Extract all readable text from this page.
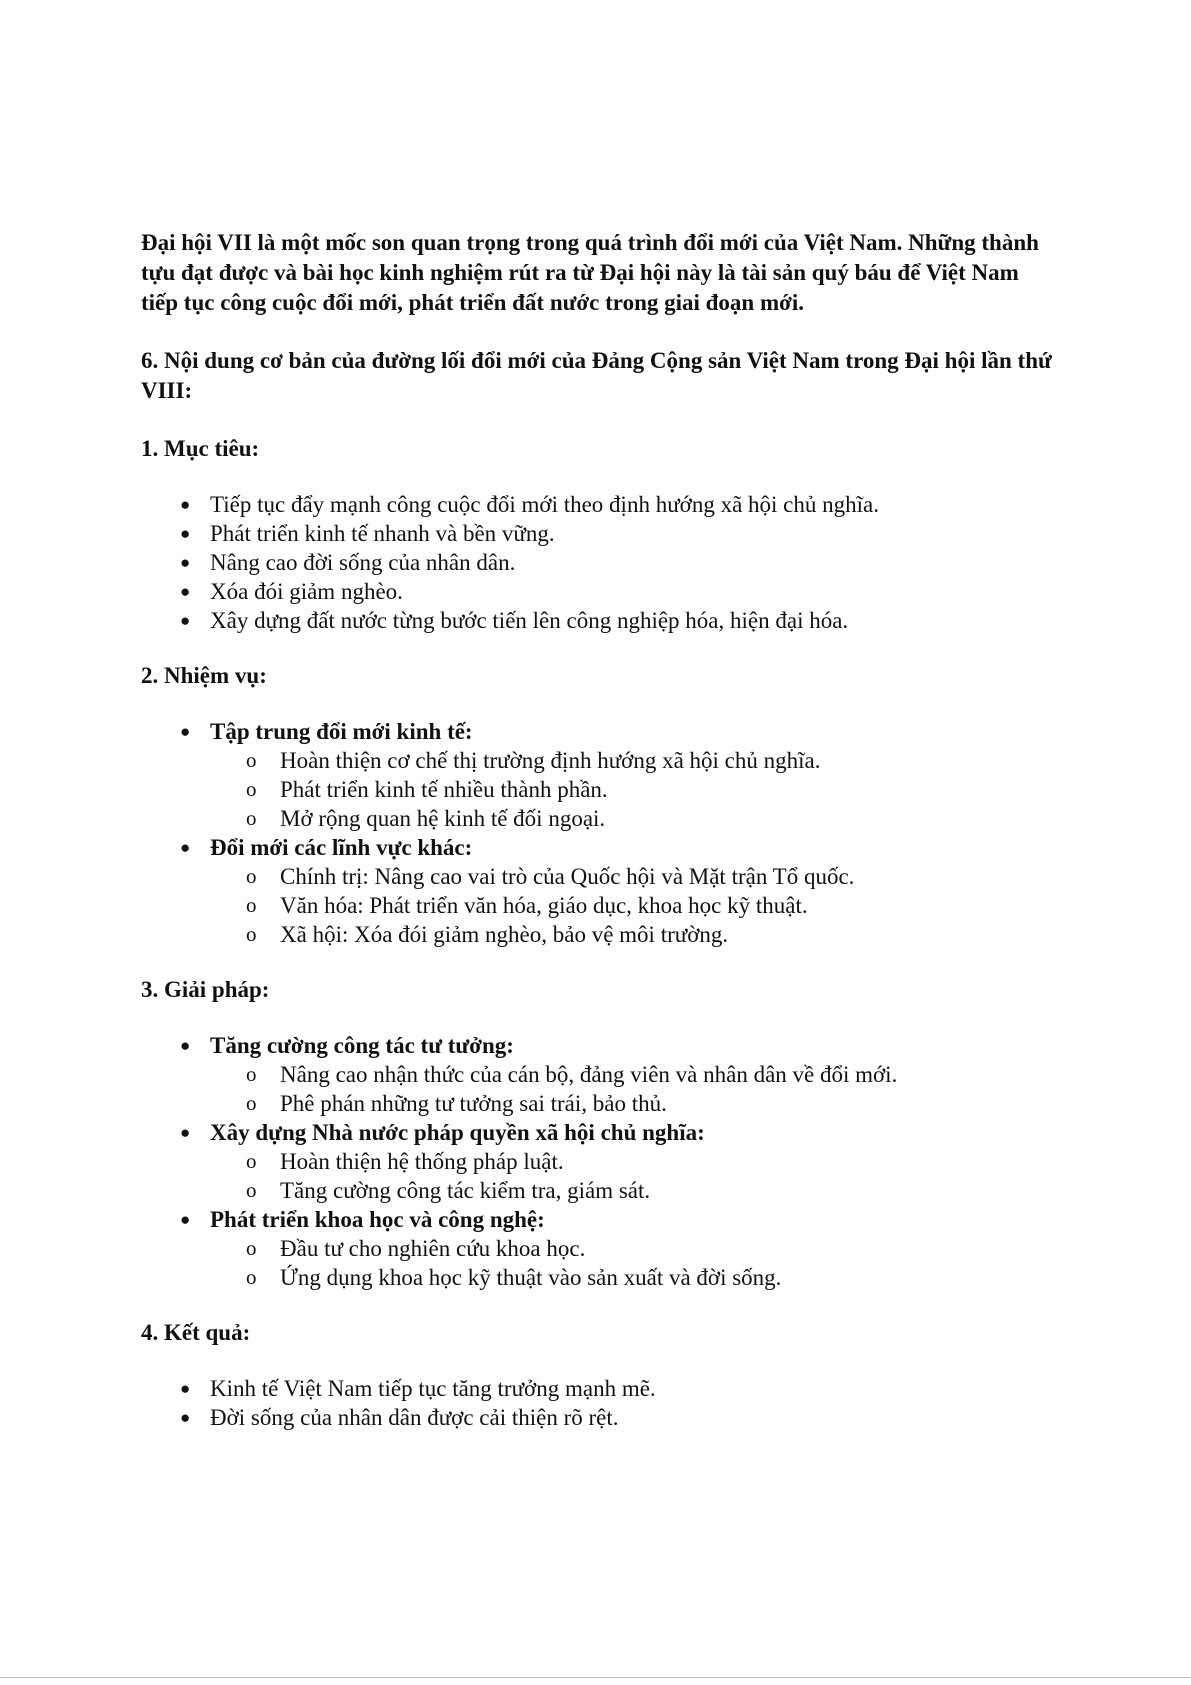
Đại hội VII là một mốc son quan trọng trong quá trình đổi mới của Việt Nam. Những thành tựu đạt được và bài học kinh nghiệm rút ra từ Đại hội này là tài sản quý báu để Việt Nam tiếp tục công cuộc đổi mới, phát triển đất nước trong giai đoạn mới.

6. Nội dung cơ bản của đường lối đổi mới của Đảng Cộng sản Việt Nam trong Đại hội lần thứ VIII:

1. Mục tiêu:

● Tiếp tục đẩy mạnh công cuộc đổi mới theo định hướng xã hội chủ nghĩa.
● Phát triển kinh tế nhanh và bền vững.
● Nâng cao đời sống của nhân dân.
● Xóa đói giảm nghèo.
● Xây dựng đất nước từng bước tiến lên công nghiệp hóa, hiện đại hóa.

2. Nhiệm vụ:

● Tập trung đổi mới kinh tế:
o Hoàn thiện cơ chế thị trường định hướng xã hội chủ nghĩa.
o Phát triển kinh tế nhiều thành phần.
o Mở rộng quan hệ kinh tế đối ngoại.
● Đổi mới các lĩnh vực khác:
o Chính trị: Nâng cao vai trò của Quốc hội và Mặt trận Tổ quốc.
o Văn hóa: Phát triển văn hóa, giáo dục, khoa học kỹ thuật.
o Xã hội: Xóa đói giảm nghèo, bảo vệ môi trường.

3. Giải pháp:

● Tăng cường công tác tư tưởng:
o Nâng cao nhận thức của cán bộ, đảng viên và nhân dân về đổi mới.
o Phê phán những tư tưởng sai trái, bảo thủ.
● Xây dựng Nhà nước pháp quyền xã hội chủ nghĩa:
o Hoàn thiện hệ thống pháp luật.
o Tăng cường công tác kiểm tra, giám sát.
● Phát triển khoa học và công nghệ:
o Đầu tư cho nghiên cứu khoa học.
o Ứng dụng khoa học kỹ thuật vào sản xuất và đời sống.

4. Kết quả:

● Kinh tế Việt Nam tiếp tục tăng trưởng mạnh mẽ.
● Đời sống của nhân dân được cải thiện rõ rệt.
